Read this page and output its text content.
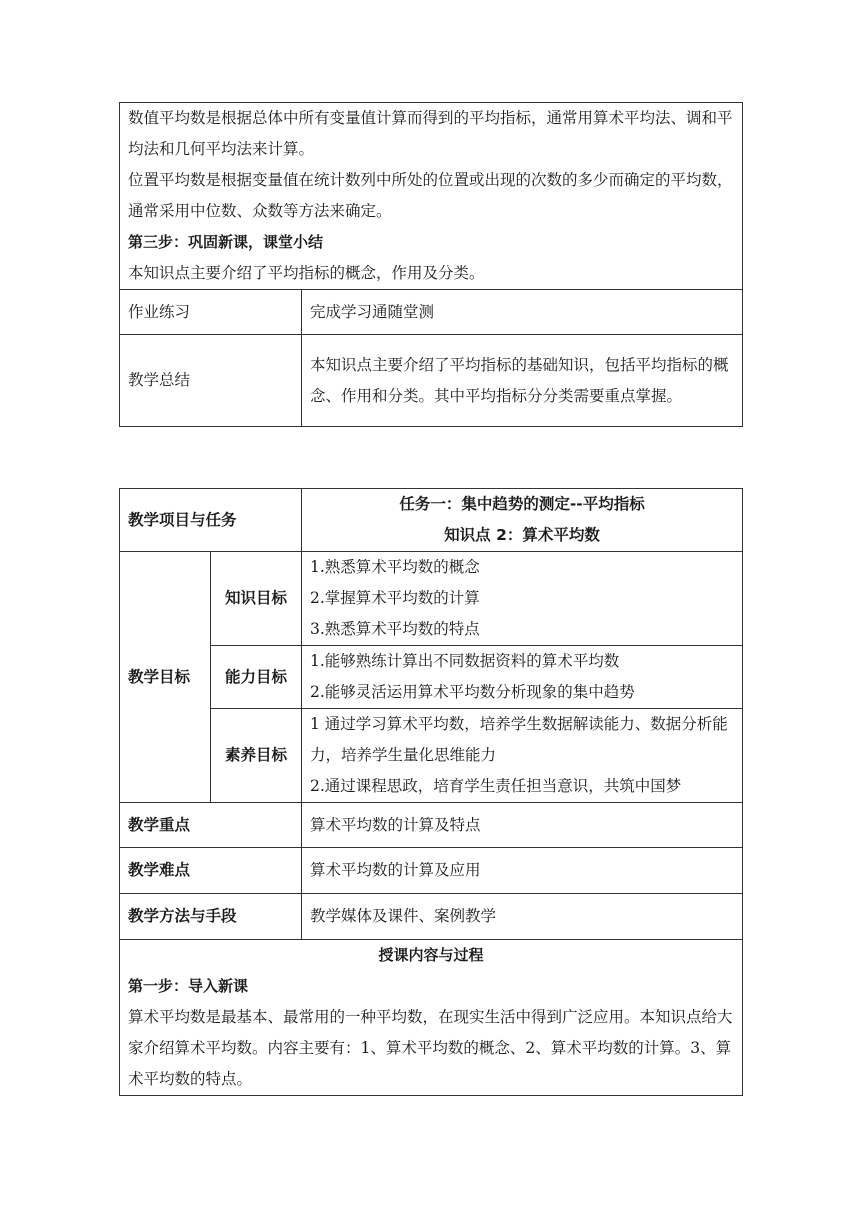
数值平均数是根据总体中所有变量值计算而得到的平均指标，通常用算术平均法、调和平均法和几何平均法来计算。

位置平均数是根据变量值在统计数列中所处的位置或出现的次数的多少而确定的平均数，通常采用中位数、众数等方法来确定。

第三步：巩固新课，课堂小结

本知识点主要介绍了平均指标的概念，作用及分类。	

作业练习	完成学习通随堂测
教学总结	本知识点主要介绍了平均指标的基础知识，包括平均指标的概念、作用和分类。其中平均指标分分类需要重点掌握。
教学项目与任务		任务一：集中趋势的测定--平均指标
知识点 2：算术平均数

教学目标	知识目标	1.熟悉算术平均数的概念
2.掌握算术平均数的计算
3.熟悉算术平均数的特点

	能力目标	1.能够熟练计算出不同数据资料的算术平均数
2.能够灵活运用算术平均数分析现象的集中趋势

	素养目标	1 通过学习算术平均数，培养学生数据解读能力、数据分析能力，培养学生量化思维能力
2.通过课程思政，培育学生责任担当意识，共筑中国梦

教学重点		算术平均数的计算及特点
教学难点		算术平均数的计算及应用
教学方法与手段		教学媒体及课件、案例教学

授课内容与过程

第一步：导入新课

算术平均数是最基本、最常用的一种平均数，在现实生活中得到广泛应用。本知识点给大家介绍算术平均数。内容主要有：1、算术平均数的概念、2、算术平均数的计算。3、算术平均数的特点。		
